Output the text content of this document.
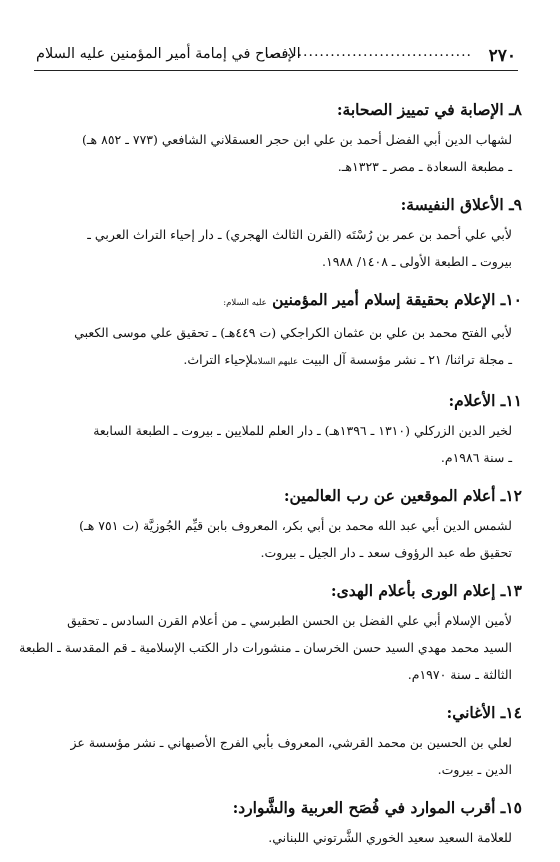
٢٧٠
......................................
الإفصاح في إمامة أمير المؤمنين عليه السلام
٨ـ الإصابة في تمييز الصحابة:
لشهاب الدين أبي الفضل أحمد بن علي ابن حجر العسقلاني الشافعي (٧٧٣ ـ ٨٥٢ هـ)
ـ مطبعة السعادة ـ مصر ـ ١٣٢٣هـ.
٩ـ الأعلاق النفيسة:
لأبي علي أحمد بن عمر بن رُسْتَه (القرن الثالث الهجري) ـ دار إحياء التراث العربي ـ
بيروت ـ الطبعة الأولى ـ ١٤٠٨/ ١٩٨٨.
١٠ـ الإعلام بحقيقة إسلام أمير المؤمنين عليه السلام:
لأبي الفتح محمد بن علي بن عثمان الكراجكي (ت ٤٤٩هـ) ـ تحقيق علي موسى الكعبي
ـ مجلة تراثنا/ ٢١ ـ نشر مؤسسة آل البيت عليهم السلاملإحياء التراث.
١١ـ الأعلام:
لخير الدين الزركلي (١٣١٠ ـ ١٣٩٦هـ) ـ دار العلم للملايين ـ بيروت ـ الطبعة السابعة
ـ سنة ١٩٨٦م.
١٢ـ أعلام الموقعين عن رب العالمين:
لشمس الدين أبي عبد الله محمد بن أبي بكر، المعروف بابن قيِّم الجُوزيَّة (ت ٧٥١ هـ)
تحقيق طه عبد الرؤوف سعد ـ دار الجيل ـ بيروت.
١٣ـ إعلام الورى بأعلام الهدى:
لأمين الإسلام أبي علي الفضل بن الحسن الطبرسي ـ من أعلام القرن السادس ـ تحقيق
السيد محمد مهدي السيد حسن الخرسان ـ منشورات دار الكتب الإسلامية ـ قم المقدسة ـ الطبعة
الثالثة ـ سنة ١٩٧٠م.
١٤ـ الأغاني:
لعلي بن الحسين بن محمد القرشي، المعروف بأبي الفرج الأصبهاني ـ نشر مؤسسة عز
الدين ـ بيروت.
١٥ـ أقرب الموارد في فُصَح العربية والشَّوارد:
للعلامة السعيد سعيد الخوري الشَّرتوني اللبناني.
